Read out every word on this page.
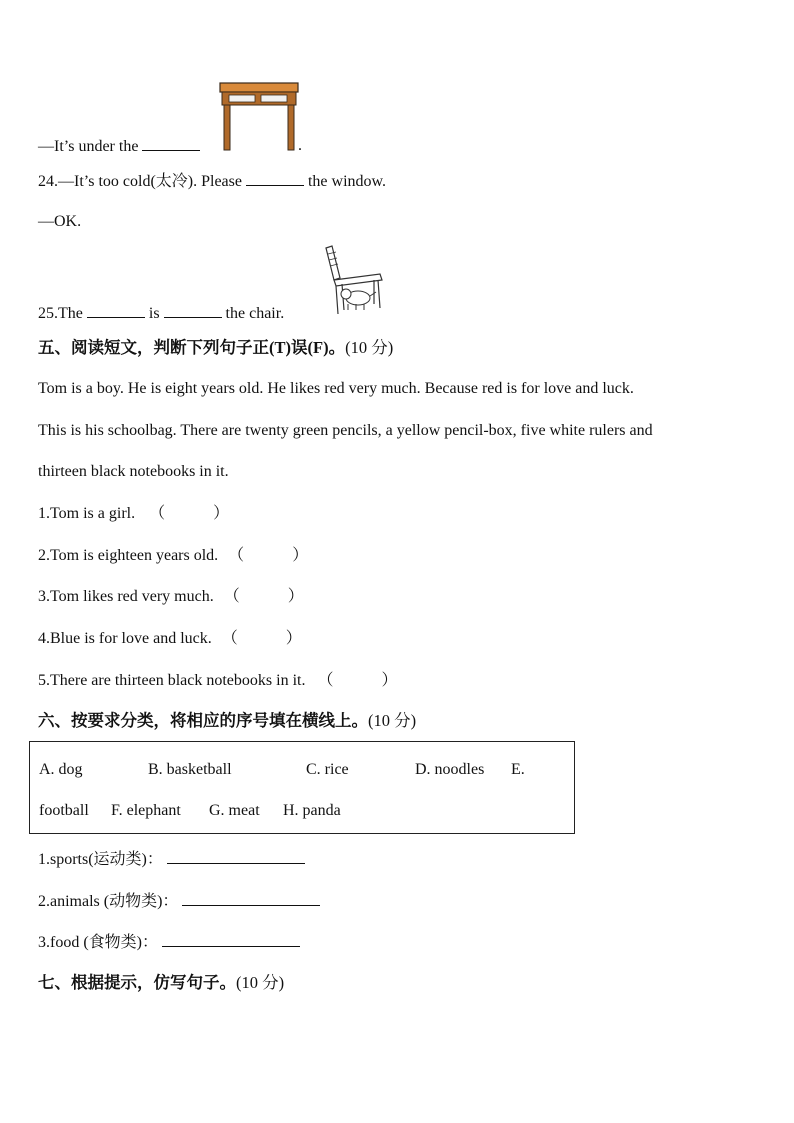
—It’s under the	.
24.—It’s too cold(太冷). Please	the window.
—OK.
25.The	is	the chair.
五、阅读短文，判断下列句子正(T)误(F)。(10 分)
Tom is a boy. He is eight years old. He likes red very much. Because red is for love and luck.
This is his schoolbag. There are twenty green pencils, a yellow pencil-box, five white rulers and
thirteen black notebooks in it.
1.Tom is a girl. （	）
2.Tom is eighteen years old. （	）
3.Tom likes red very much. （	）
4.Blue is for love and luck. （	）
5.There are thirteen black notebooks in it. （	）
六、按要求分类，将相应的序号填在横线上。(10 分)
A. dog	B. basketball	C. rice	D. noodles E.
football F. elephant G. meat H. panda
1.sports(运动类)：
2.animals (动物类)：
3.food (食物类)：
七、根据提示，仿写句子。(10 分)
